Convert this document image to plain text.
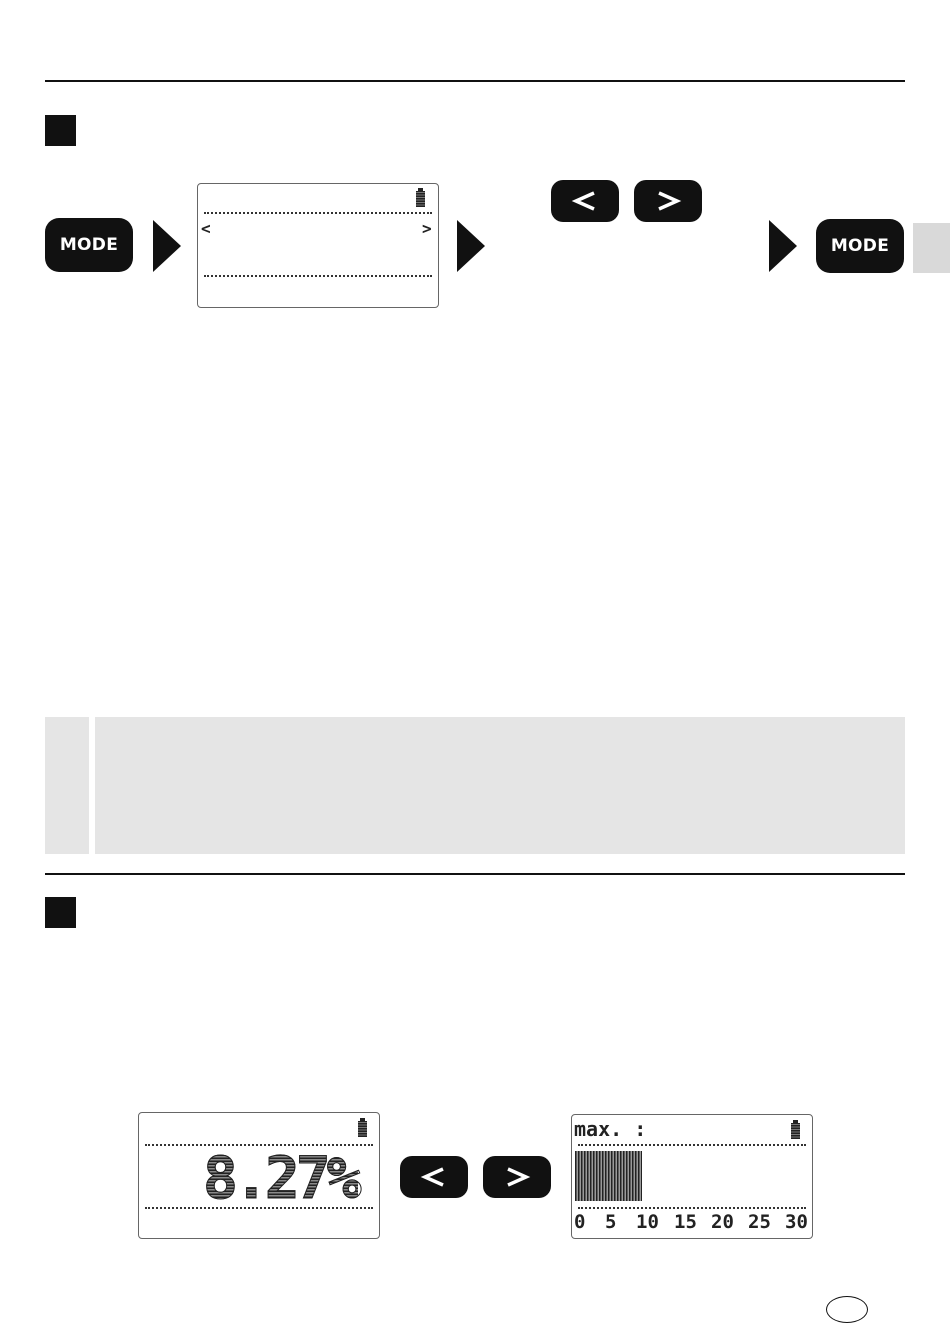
MODE
<	>
MODE
8.27%
max. :
0 5 10 15 20 25 30
